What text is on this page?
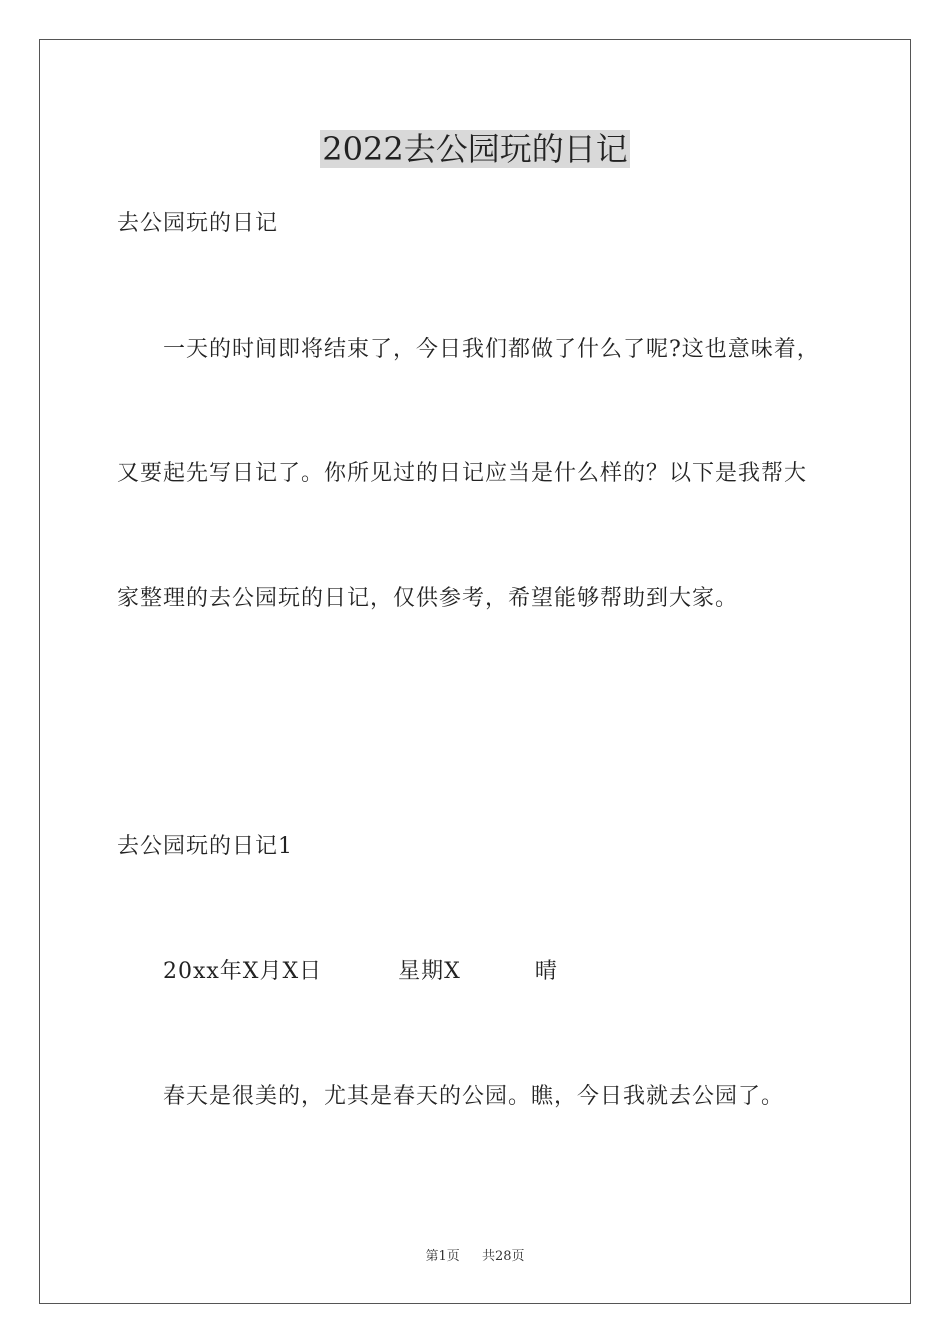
2022去公园玩的日记
去公园玩的日记
一天的时间即将结束了，今日我们都做了什么了呢?这也意味着，
又要起先写日记了。你所见过的日记应当是什么样的？以下是我帮大
家整理的去公园玩的日记，仅供参考，希望能够帮助到大家。
去公园玩的日记1
20xx年X月X日	星期X	晴
春天是很美的，尤其是春天的公园。瞧，今日我就去公园了。
第1页 共28页
